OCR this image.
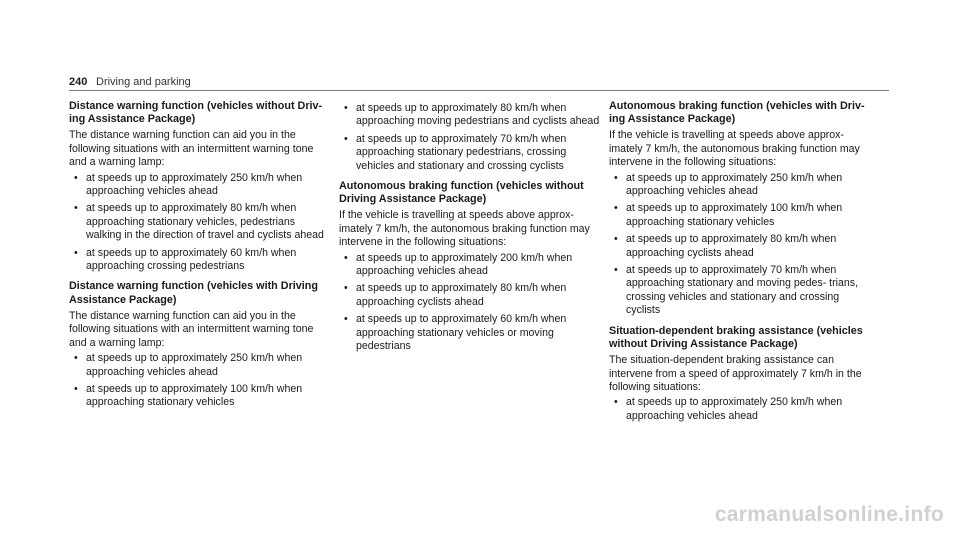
240 Driving and parking
Distance warning function (vehicles without Driv- ing Assistance Package)
The distance warning function can aid you in the following situations with an intermittent warning tone and a warning lamp:
• at speeds up to approximately 250 km/h when approaching vehicles ahead
• at speeds up to approximately 80 km/h when approaching stationary vehicles, pedestrians walking in the direction of travel and cyclists ahead
• at speeds up to approximately 60 km/h when approaching crossing pedestrians
Distance warning function (vehicles with Driving Assistance Package)
The distance warning function can aid you in the following situations with an intermittent warning tone and a warning lamp:
• at speeds up to approximately 250 km/h when approaching vehicles ahead
• at speeds up to approximately 100 km/h when approaching stationary vehicles
• at speeds up to approximately 80 km/h when approaching moving pedestrians and cyclists ahead
• at speeds up to approximately 70 km/h when approaching stationary pedestrians, crossing vehicles and stationary and crossing cyclists
Autonomous braking function (vehicles without Driving Assistance Package)
If the vehicle is travelling at speeds above approx- imately 7 km/h, the autonomous braking function may intervene in the following situations:
• at speeds up to approximately 200 km/h when approaching vehicles ahead
• at speeds up to approximately 80 km/h when approaching cyclists ahead
• at speeds up to approximately 60 km/h when approaching stationary vehicles or moving pedestrians
Autonomous braking function (vehicles with Driv- ing Assistance Package)
If the vehicle is travelling at speeds above approx- imately 7 km/h, the autonomous braking function may intervene in the following situations:
• at speeds up to approximately 250 km/h when approaching vehicles ahead
• at speeds up to approximately 100 km/h when approaching stationary vehicles
• at speeds up to approximately 80 km/h when approaching cyclists ahead
• at speeds up to approximately 70 km/h when approaching stationary and moving pedes- trians, crossing vehicles and stationary and crossing cyclists
Situation-dependent braking assistance (vehicles without Driving Assistance Package)
The situation-dependent braking assistance can intervene from a speed of approximately 7 km/h in the following situations:
• at speeds up to approximately 250 km/h when approaching vehicles ahead
carmanualsonline.info
